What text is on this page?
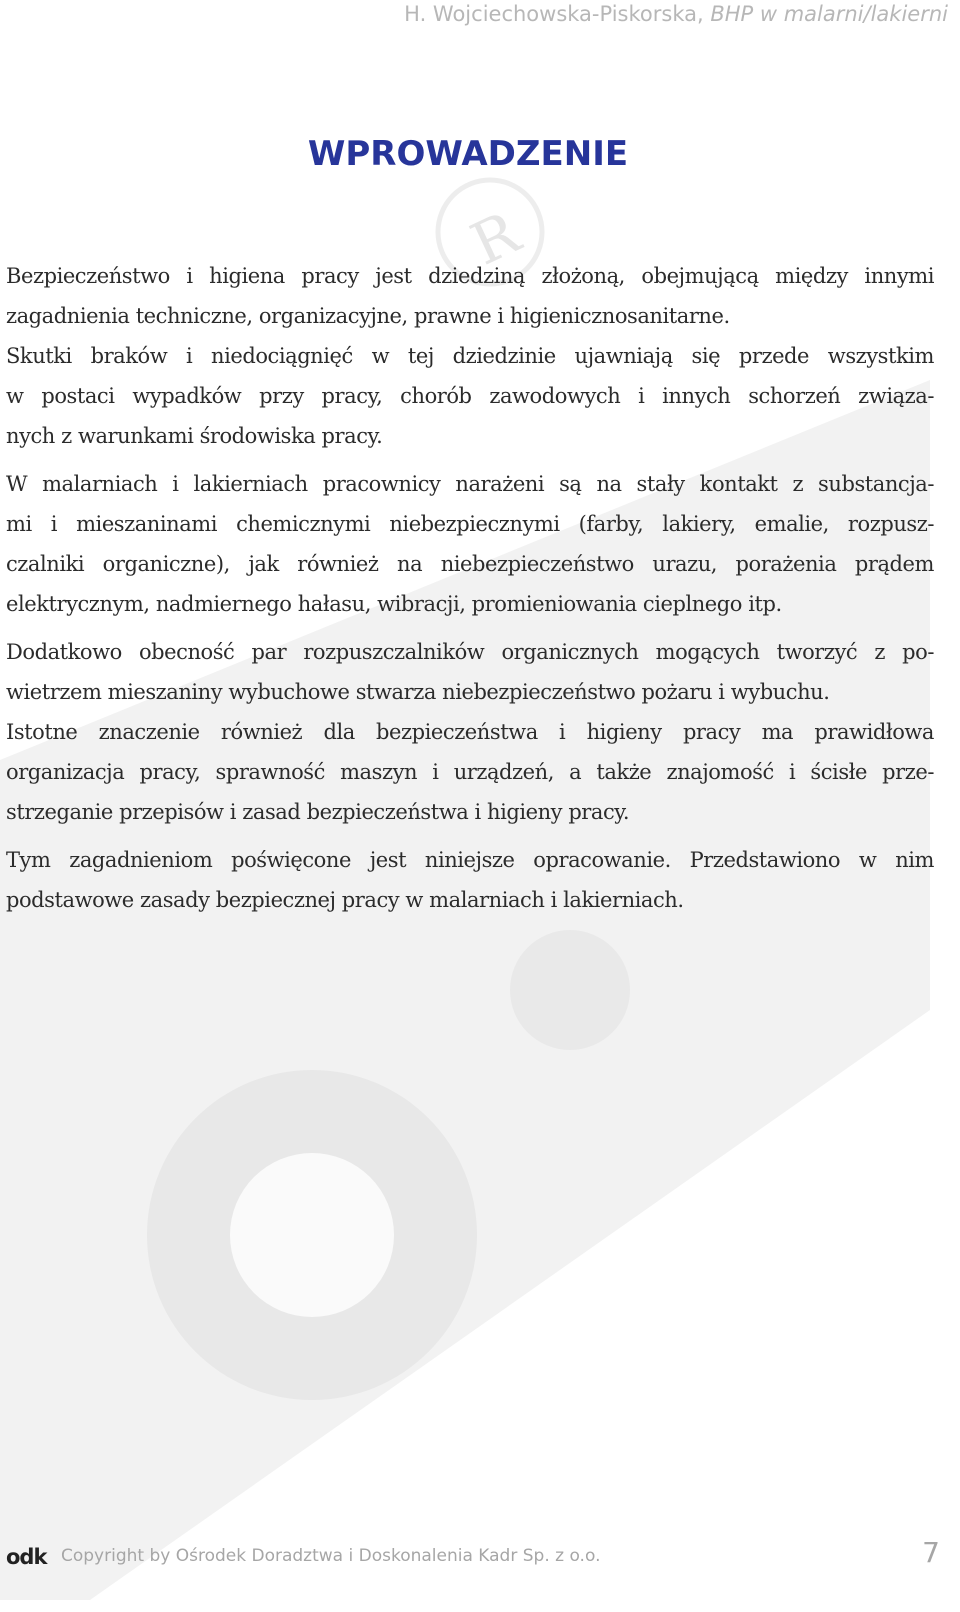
R
H. Wojciechowska-Piskorska, BHP w malarni/lakierni
WPROWADZENIE

Bezpieczeństwo i higiena pracy jest dziedziną złożoną, obejmującą między innymi
zagadnienia techniczne, organizacyjne, prawne i higienicznosanitarne.
Skutki braków i niedociągnięć w tej dziedzinie ujawniają się przede wszystkim
w postaci wypadków przy pracy, chorób zawodowych i innych schorzeń związa-
nych z warunkami środowiska pracy.

W malarniach i lakierniach pracownicy narażeni są na stały kontakt z substancja-
mi i mieszaninami chemicznymi niebezpiecznymi (farby, lakiery, emalie, rozpusz-
czalniki organiczne), jak również na niebezpieczeństwo urazu, porażenia prądem
elektrycznym, nadmiernego hałasu, wibracji, promieniowania cieplnego itp.

Dodatkowo obecność par rozpuszczalników organicznych mogących tworzyć z po-
wietrzem mieszaniny wybuchowe stwarza niebezpieczeństwo pożaru i wybuchu.
Istotne znaczenie również dla bezpieczeństwa i higieny pracy ma prawidłowa
organizacja pracy, sprawność maszyn i urządzeń, a także znajomość i ścisłe prze-
strzeganie przepisów i zasad bezpieczeństwa i higieny pracy.

Tym zagadnieniom poświęcone jest niniejsze opracowanie. Przedstawiono w nim
podstawowe zasady bezpiecznej pracy w malarniach i lakierniach.

odk Copyright by Ośrodek Doradztwa i Doskonalenia Kadr Sp. z o.o.	7
